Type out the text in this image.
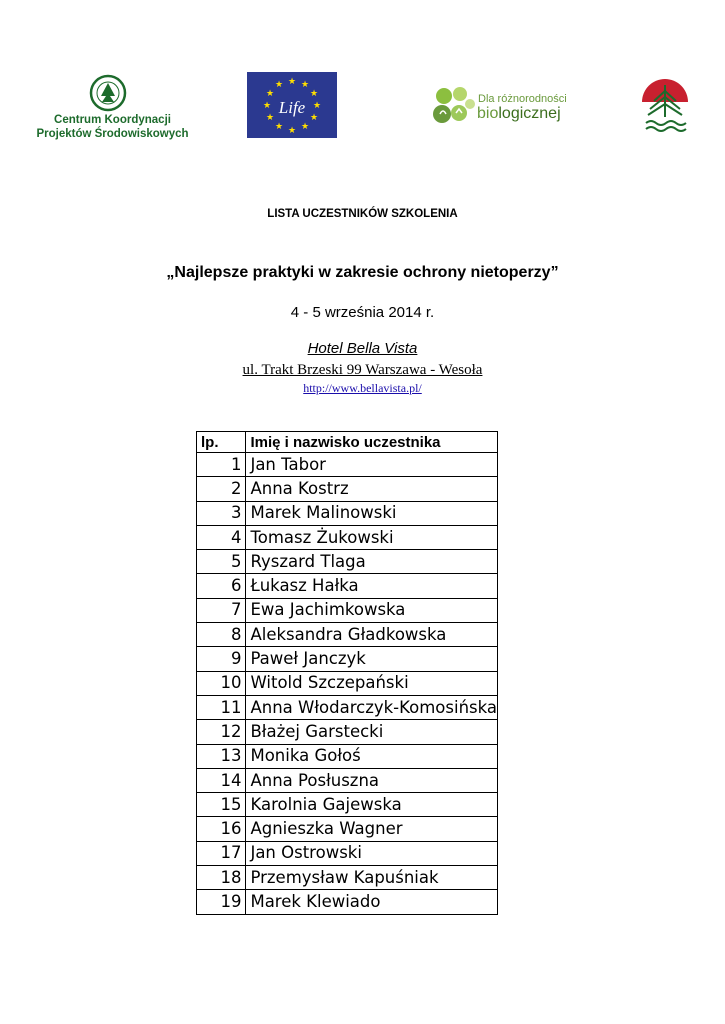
Centrum Koordynacji
Projektów Środowiskowych
★ ★
★
★
★
★
★
★
★
★
★
★
Life	Dla różnorodności
biologicznej
LISTA UCZESTNIKÓW SZKOLENIA
„Najlepsze praktyki w zakresie ochrony nietoperzy”
4 - 5 września 2014 r.
Hotel Bella Vista
ul. Trakt Brzeski 99 Warszawa - Wesoła
http://www.bellavista.pl/
lp.	Imię i nazwisko uczestnika
1	Jan Tabor
2	Anna Kostrz
3	Marek Malinowski
4	Tomasz Żukowski
5	Ryszard Tlaga
6	Łukasz Hałka
7	Ewa Jachimkowska
8	Aleksandra Gładkowska
9	Paweł Janczyk
10	Witold Szczepański
11	Anna Włodarczyk-Komosińska
12	Błażej Garstecki
13	Monika Gołoś
14	Anna Posłuszna
15	Karolnia Gajewska
16	Agnieszka Wagner
17	Jan Ostrowski
18	Przemysław Kapuśniak
19	Marek Klewiado
